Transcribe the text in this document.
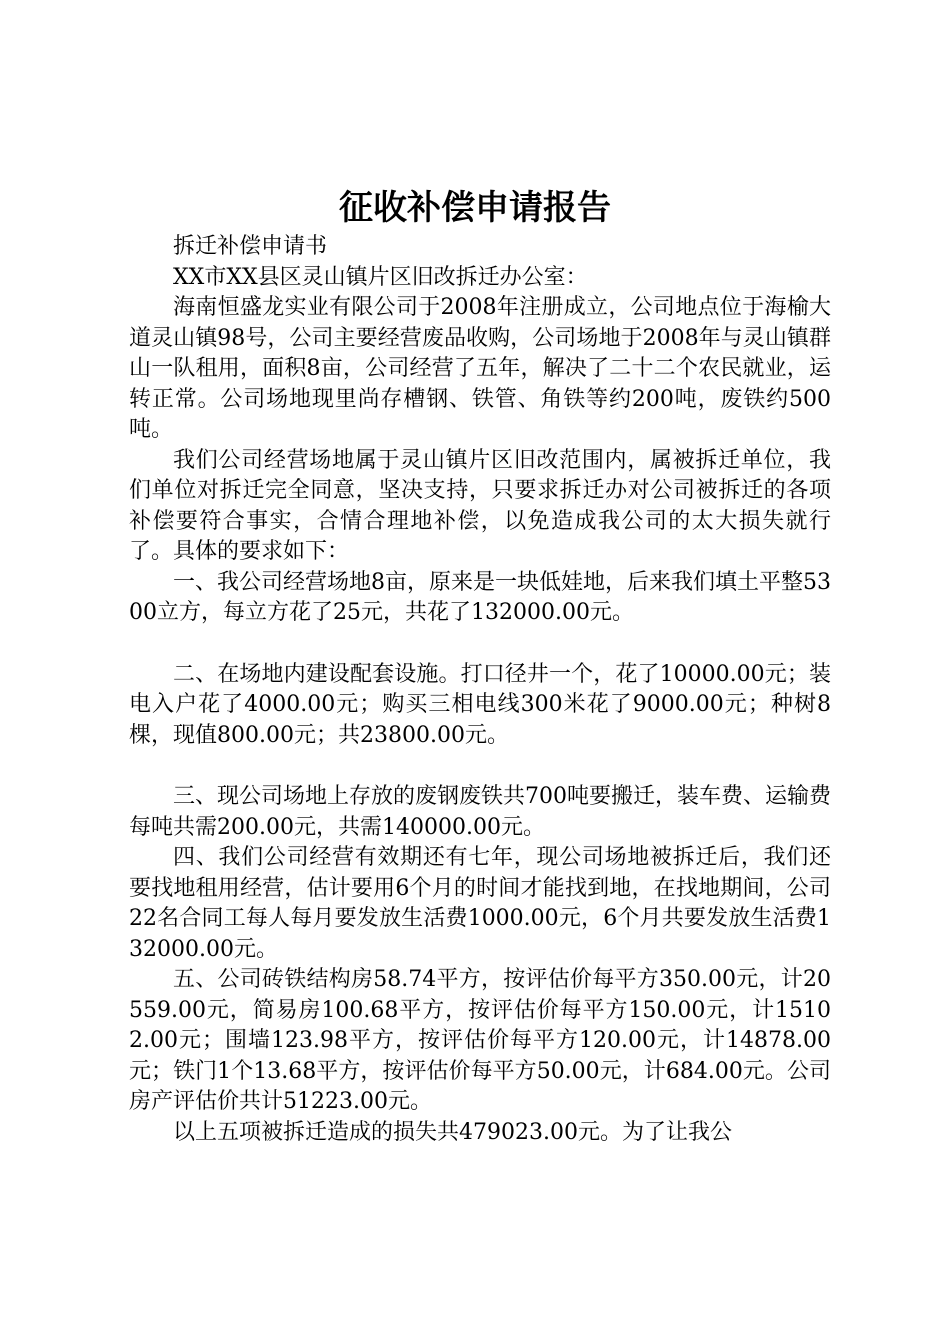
征收补偿申请报告

拆迁补偿申请书

XX市XX县区灵山镇片区旧改拆迁办公室：

海南恒盛龙实业有限公司于2008年注册成立，公司地点位于海榆大道灵山镇98号，公司主要经营废品收购，公司场地于2008年与灵山镇群山一队租用，面积8亩，公司经营了五年，解决了二十二个农民就业，运转正常。公司场地现里尚存槽钢、铁管、角铁等约200吨，废铁约500吨。

我们公司经营场地属于灵山镇片区旧改范围内，属被拆迁单位，我们单位对拆迁完全同意，坚决支持，只要求拆迁办对公司被拆迁的各项补偿要符合事实，合情合理地补偿，以免造成我公司的太大损失就行了。具体的要求如下：

一、我公司经营场地8亩，原来是一块低娃地，后来我们填土平整5300立方，每立方花了25元，共花了132000.00元。

二、在场地内建设配套设施。打口径井一个，花了10000.00元；装电入户花了4000.00元；购买三相电线300米花了9000.00元；种树8棵，现值800.00元；共23800.00元。

三、现公司场地上存放的废钢废铁共700吨要搬迁，装车费、运输费每吨共需200.00元，共需140000.00元。

四、我们公司经营有效期还有七年，现公司场地被拆迁后，我们还要找地租用经营，估计要用6个月的时间才能找到地，在找地期间，公司22名合同工每人每月要发放生活费1000.00元，6个月共要发放生活费132000.00元。

五、公司砖铁结构房58.74平方，按评估价每平方350.00元，计20559.00元，简易房100.68平方，按评估价每平方150.00元，计15102.00元；围墙123.98平方，按评估价每平方120.00元，计14878.00元；铁门1个13.68平方，按评估价每平方50.00元，计684.00元。公司房产评估价共计51223.00元。

以上五项被拆迁造成的损失共479023.00元。为了让我公
